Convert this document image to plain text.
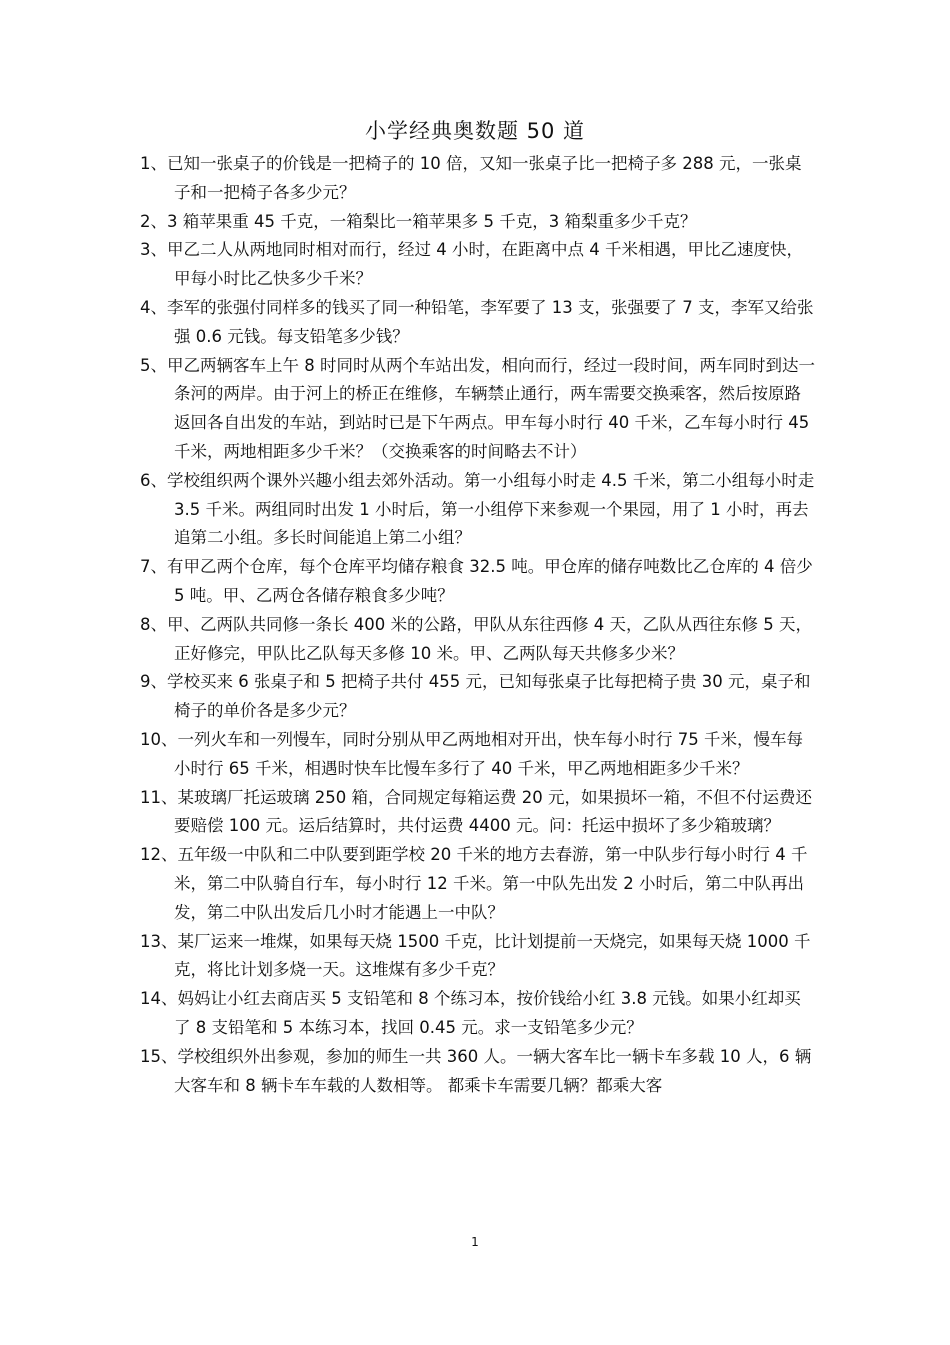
小学经典奥数题 50 道

1、已知一张桌子的价钱是一把椅子的 10 倍，又知一张桌子比一把椅子多 288 元，一张桌子和一把椅子各多少元？

2、3 箱苹果重 45 千克，一箱梨比一箱苹果多 5 千克，3 箱梨重多少千克？

3、甲乙二人从两地同时相对而行，经过 4 小时，在距离中点 4 千米相遇，甲比乙速度快，甲每小时比乙快多少千米？

4、李军的张强付同样多的钱买了同一种铅笔，李军要了 13 支，张强要了 7 支，李军又给张强 0.6 元钱。每支铅笔多少钱？

5、甲乙两辆客车上午 8 时同时从两个车站出发，相向而行，经过一段时间，两车同时到达一条河的两岸。由于河上的桥正在维修，车辆禁止通行，两车需要交换乘客，然后按原路返回各自出发的车站，到站时已是下午两点。甲车每小时行 40 千米，乙车每小时行 45 千米，两地相距多少千米？（交换乘客的时间略去不计）

6、学校组织两个课外兴趣小组去郊外活动。第一小组每小时走 4.5 千米，第二小组每小时走 3.5 千米。两组同时出发 1 小时后，第一小组停下来参观一个果园，用了 1 小时，再去追第二小组。多长时间能追上第二小组？

7、有甲乙两个仓库，每个仓库平均储存粮食 32.5 吨。甲仓库的储存吨数比乙仓库的 4 倍少 5 吨。甲、乙两仓各储存粮食多少吨？

8、甲、乙两队共同修一条长 400 米的公路，甲队从东往西修 4 天，乙队从西往东修 5 天，正好修完，甲队比乙队每天多修 10 米。甲、乙两队每天共修多少米？

9、学校买来 6 张桌子和 5 把椅子共付 455 元，已知每张桌子比每把椅子贵 30 元，桌子和椅子的单价各是多少元？

10、一列火车和一列慢车，同时分别从甲乙两地相对开出，快车每小时行 75 千米，慢车每小时行 65 千米，相遇时快车比慢车多行了 40 千米，甲乙两地相距多少千米？

11、某玻璃厂托运玻璃 250 箱，合同规定每箱运费 20 元，如果损坏一箱，不但不付运费还要赔偿 100 元。运后结算时，共付运费 4400 元。问：托运中损坏了多少箱玻璃？

12、五年级一中队和二中队要到距学校 20 千米的地方去春游，第一中队步行每小时行 4 千米，第二中队骑自行车，每小时行 12 千米。第一中队先出发 2 小时后，第二中队再出发，第二中队出发后几小时才能遇上一中队？

13、某厂运来一堆煤，如果每天烧 1500 千克，比计划提前一天烧完，如果每天烧 1000 千克，将比计划多烧一天。这堆煤有多少千克？

14、妈妈让小红去商店买 5 支铅笔和 8 个练习本，按价钱给小红 3.8 元钱。如果小红却买了 8 支铅笔和 5 本练习本，找回 0.45 元。求一支铅笔多少元？

15、学校组织外出参观，参加的师生一共 360 人。一辆大客车比一辆卡车多载 10 人，6 辆大客车和 8 辆卡车车载的人数相等。 都乘卡车需要几辆？都乘大客

1
